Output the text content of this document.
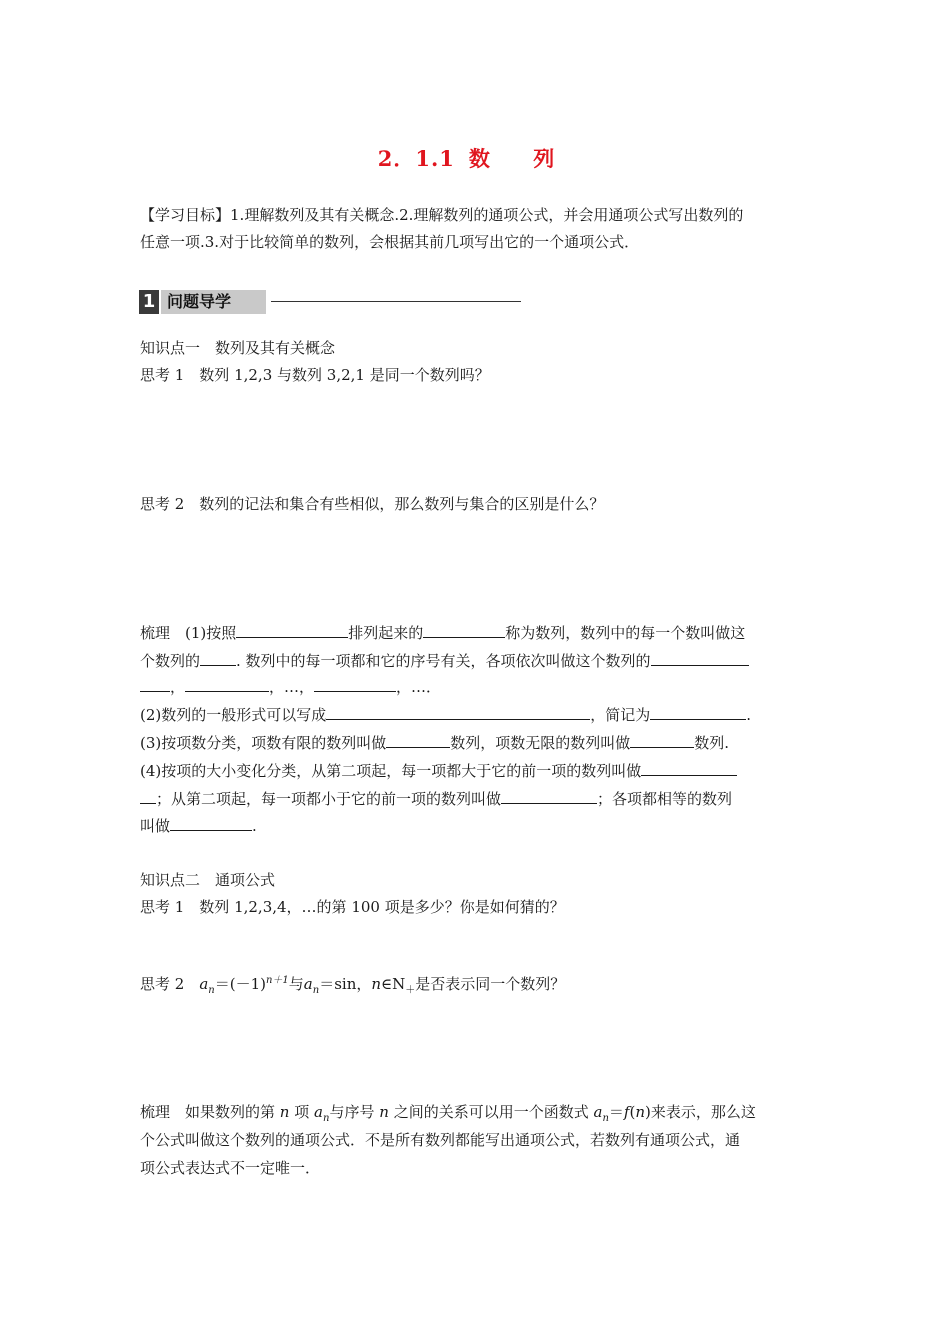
2．1.1 数 列
【学习目标】1.理解数列及其有关概念.2.理解数列的通项公式，并会用通项公式写出数列的
任意一项.3.对于比较简单的数列，会根据其前几项写出它的一个通项公式．
1 问题导学
知识点一　数列及其有关概念
思考 1　数列 1,2,3 与数列 3,2,1 是同一个数列吗？
思考 2　数列的记法和集合有些相似，那么数列与集合的区别是什么？
梳理　(1)按照	排列起来的	称为数列，数列中的每一个数叫做这
个数列的 . 数列中的每一项都和它的序号有关，各项依次叫做这个数列的
，	，…，	，…．
(2)数列的一般形式可以写成	，简记为	.
(3)按项数分类，项数有限的数列叫做	数列，项数无限的数列叫做	数列.
(4)按项的大小变化分类，从第二项起，每一项都大于它的前一项的数列叫做
；从第二项起，每一项都小于它的前一项的数列叫做	；各项都相等的数列
叫做	.
知识点二　通项公式
思考 1　数列 1,2,3,4，…的第 100 项是多少？你是如何猜的？
思考 2　$a_n=(-1)^{n+1}$与$a_n=\sin$，$n\in N_+$是否表示同一个数列？
梳理　如果数列的第 n 项 $a_n$与序号 n 之间的关系可以用一个函数式 $a_n=f(n)$来表示，那么这
个公式叫做这个数列的通项公式．不是所有数列都能写出通项公式，若数列有通项公式，通
项公式表达式不一定唯一．
